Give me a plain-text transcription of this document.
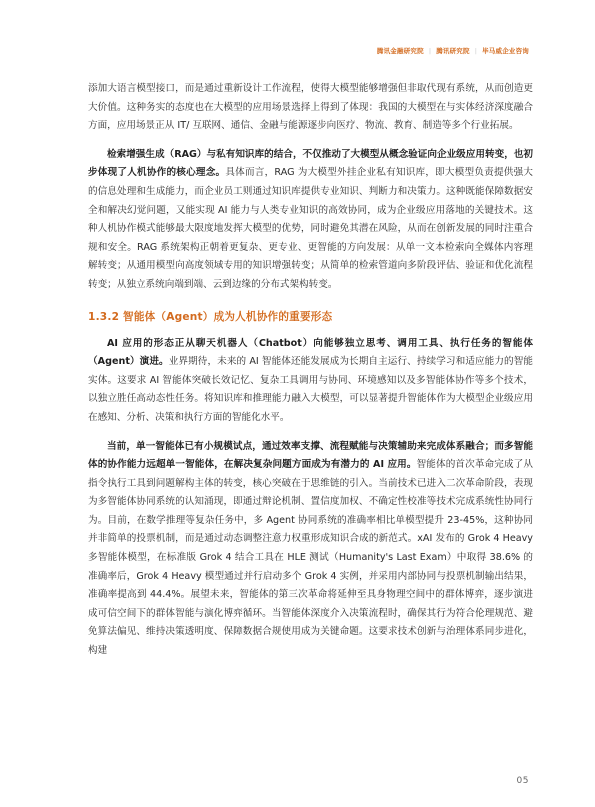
腾讯金融研究院 | 腾讯研究院 | 毕马威企业咨询

添加大语言模型接口，而是通过重新设计工作流程，使得大模型能够增强但非取代现有系统，从而创造更大价值。这种务实的态度也在大模型的应用场景选择上得到了体现：我国的大模型在与实体经济深度融合方面，应用场景正从 IT/ 互联网、通信、金融与能源逐步向医疗、物流、教育、制造等多个行业拓展。

检索增强生成（RAG）与私有知识库的结合，不仅推动了大模型从概念验证向企业级应用转变，也初步体现了人机协作的核心理念。具体而言，RAG 为大模型外挂企业私有知识库，即大模型负责提供强大的信息处理和生成能力，而企业员工则通过知识库提供专业知识、判断力和决策力。这种既能保障数据安全和解决幻觉问题，又能实现 AI 能力与人类专业知识的高效协同，成为企业级应用落地的关键技术。这种人机协作模式能够最大限度地发挥大模型的优势，同时避免其潜在风险，从而在创新发展的同时注重合规和安全。RAG 系统架构正朝着更复杂、更专业、更智能的方向发展：从单一文本检索向全媒体内容理解转变；从通用模型向高度领域专用的知识增强转变；从简单的检索管道向多阶段评估、验证和优化流程转变；从独立系统向端到端、云到边缘的分布式架构转变。

1.3.2 智能体（Agent）成为人机协作的重要形态

AI 应用的形态正从聊天机器人（Chatbot）向能够独立思考、调用工具、执行任务的智能体（Agent）演进。业界期待，未来的 AI 智能体还能发展成为长期自主运行、持续学习和适应能力的智能实体。这要求 AI 智能体突破长效记忆、复杂工具调用与协同、环境感知以及多智能体协作等多个技术，以独立胜任高动态性任务。将知识库和推理能力融入大模型，可以显著提升智能体作为大模型企业级应用在感知、分析、决策和执行方面的智能化水平。

当前，单一智能体已有小规模试点，通过效率支撑、流程赋能与决策辅助来完成体系融合；而多智能体的协作能力远超单一智能体，在解决复杂问题方面成为有潜力的 AI 应用。智能体的首次革命完成了从指令执行工具到问题解构主体的转变，核心突破在于思维链的引入。当前技术已进入二次革命阶段，表现为多智能体协同系统的认知涌现，即通过辩论机制、置信度加权、不确定性校准等技术完成系统性协同行为。目前，在数学推理等复杂任务中，多 Agent 协同系统的准确率相比单模型提升 23-45%，这种协同并非简单的投票机制，而是通过动态调整注意力权重形成知识合成的新范式。xAI 发布的 Grok 4 Heavy 多智能体模型，在标准版 Grok 4 结合工具在 HLE 测试（Humanity's Last Exam）中取得 38.6% 的准确率后，Grok 4 Heavy 模型通过并行启动多个 Grok 4 实例，并采用内部协同与投票机制输出结果，准确率提高到 44.4%。展望未来，智能体的第三次革命将延伸至具身物理空间中的群体博弈，逐步演进成可信空间下的群体智能与演化博弈循环。当智能体深度介入决策流程时，确保其行为符合伦理规范、避免算法偏见、维持决策透明度、保障数据合规使用成为关键命题。这要求技术创新与治理体系同步进化，构建

05
